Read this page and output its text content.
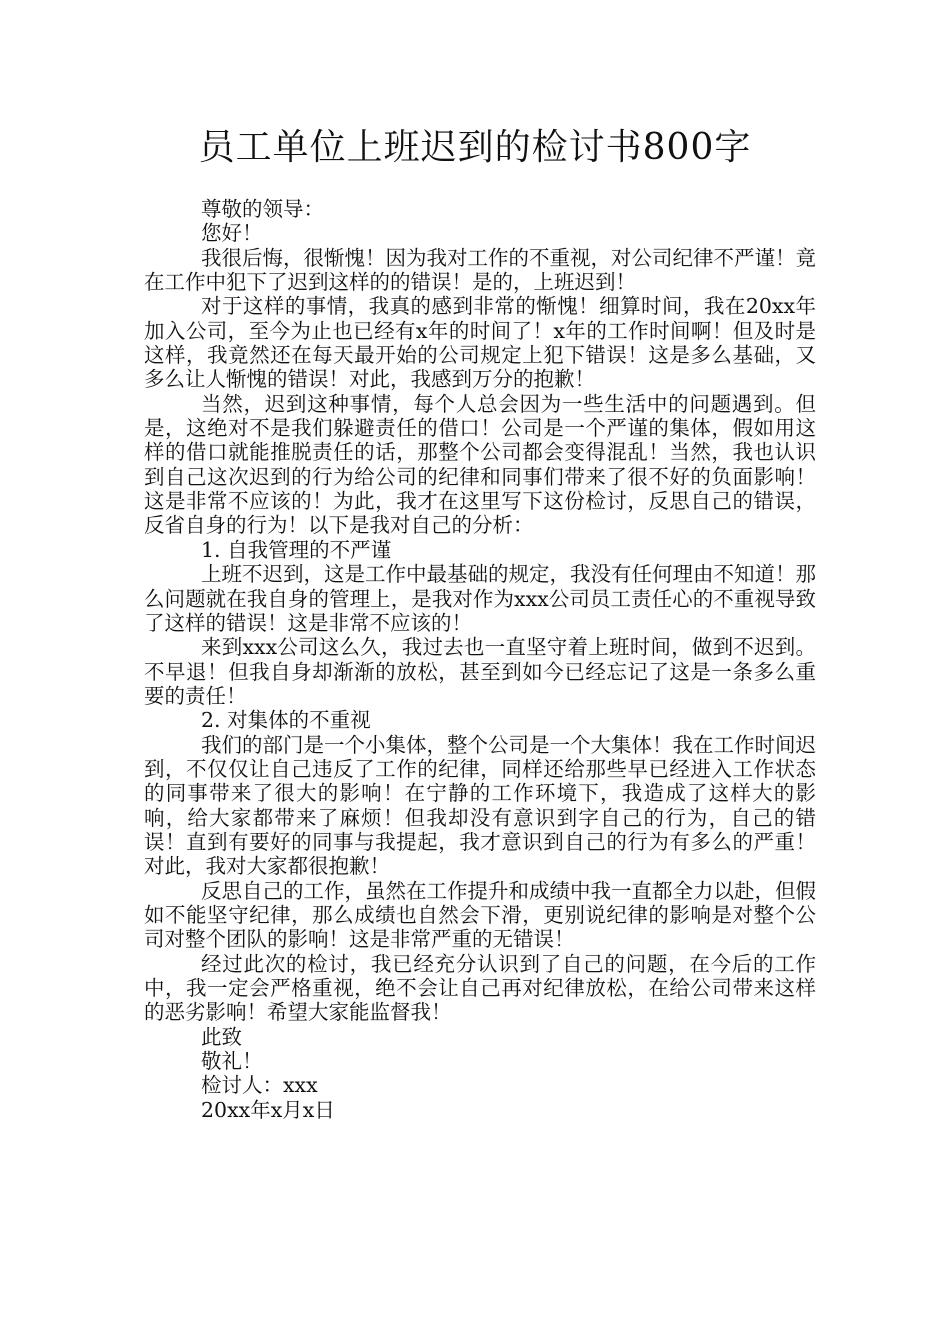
员工单位上班迟到的检讨书800字

尊敬的领导：

您好！

我很后悔，很惭愧！因为我对工作的不重视，对公司纪律不严谨！竟在工作中犯下了迟到这样的的错误！是的，上班迟到！

对于这样的事情，我真的感到非常的惭愧！细算时间，我在20xx年加入公司，至今为止也已经有x年的时间了！x年的工作时间啊！但及时是这样，我竟然还在每天最开始的公司规定上犯下错误！这是多么基础，又多么让人惭愧的错误！对此，我感到万分的抱歉！

当然，迟到这种事情，每个人总会因为一些生活中的问题遇到。但是，这绝对不是我们躲避责任的借口！公司是一个严谨的集体，假如用这样的借口就能推脱责任的话，那整个公司都会变得混乱！当然，我也认识到自己这次迟到的行为给公司的纪律和同事们带来了很不好的负面影响！这是非常不应该的！为此，我才在这里写下这份检讨，反思自己的错误，反省自身的行为！以下是我对自己的分析：

1. 自我管理的不严谨

上班不迟到，这是工作中最基础的规定，我没有任何理由不知道！那么问题就在我自身的管理上，是我对作为xxx公司员工责任心的不重视导致了这样的错误！这是非常不应该的！

来到xxx公司这么久，我过去也一直坚守着上班时间，做到不迟到。不早退！但我自身却渐渐的放松，甚至到如今已经忘记了这是一条多么重要的责任！

2. 对集体的不重视

我们的部门是一个小集体，整个公司是一个大集体！我在工作时间迟到，不仅仅让自己违反了工作的纪律，同样还给那些早已经进入工作状态的同事带来了很大的影响！在宁静的工作环境下，我造成了这样大的影响，给大家都带来了麻烦！但我却没有意识到字自己的行为，自己的错误！直到有要好的同事与我提起，我才意识到自己的行为有多么的严重！对此，我对大家都很抱歉！

反思自己的工作，虽然在工作提升和成绩中我一直都全力以赴，但假如不能坚守纪律，那么成绩也自然会下滑，更别说纪律的影响是对整个公司对整个团队的影响！这是非常严重的无错误！

经过此次的检讨，我已经充分认识到了自己的问题，在今后的工作中，我一定会严格重视，绝不会让自己再对纪律放松，在给公司带来这样的恶劣影响！希望大家能监督我！

此致

敬礼！

检讨人：xxx

20xx年x月x日
